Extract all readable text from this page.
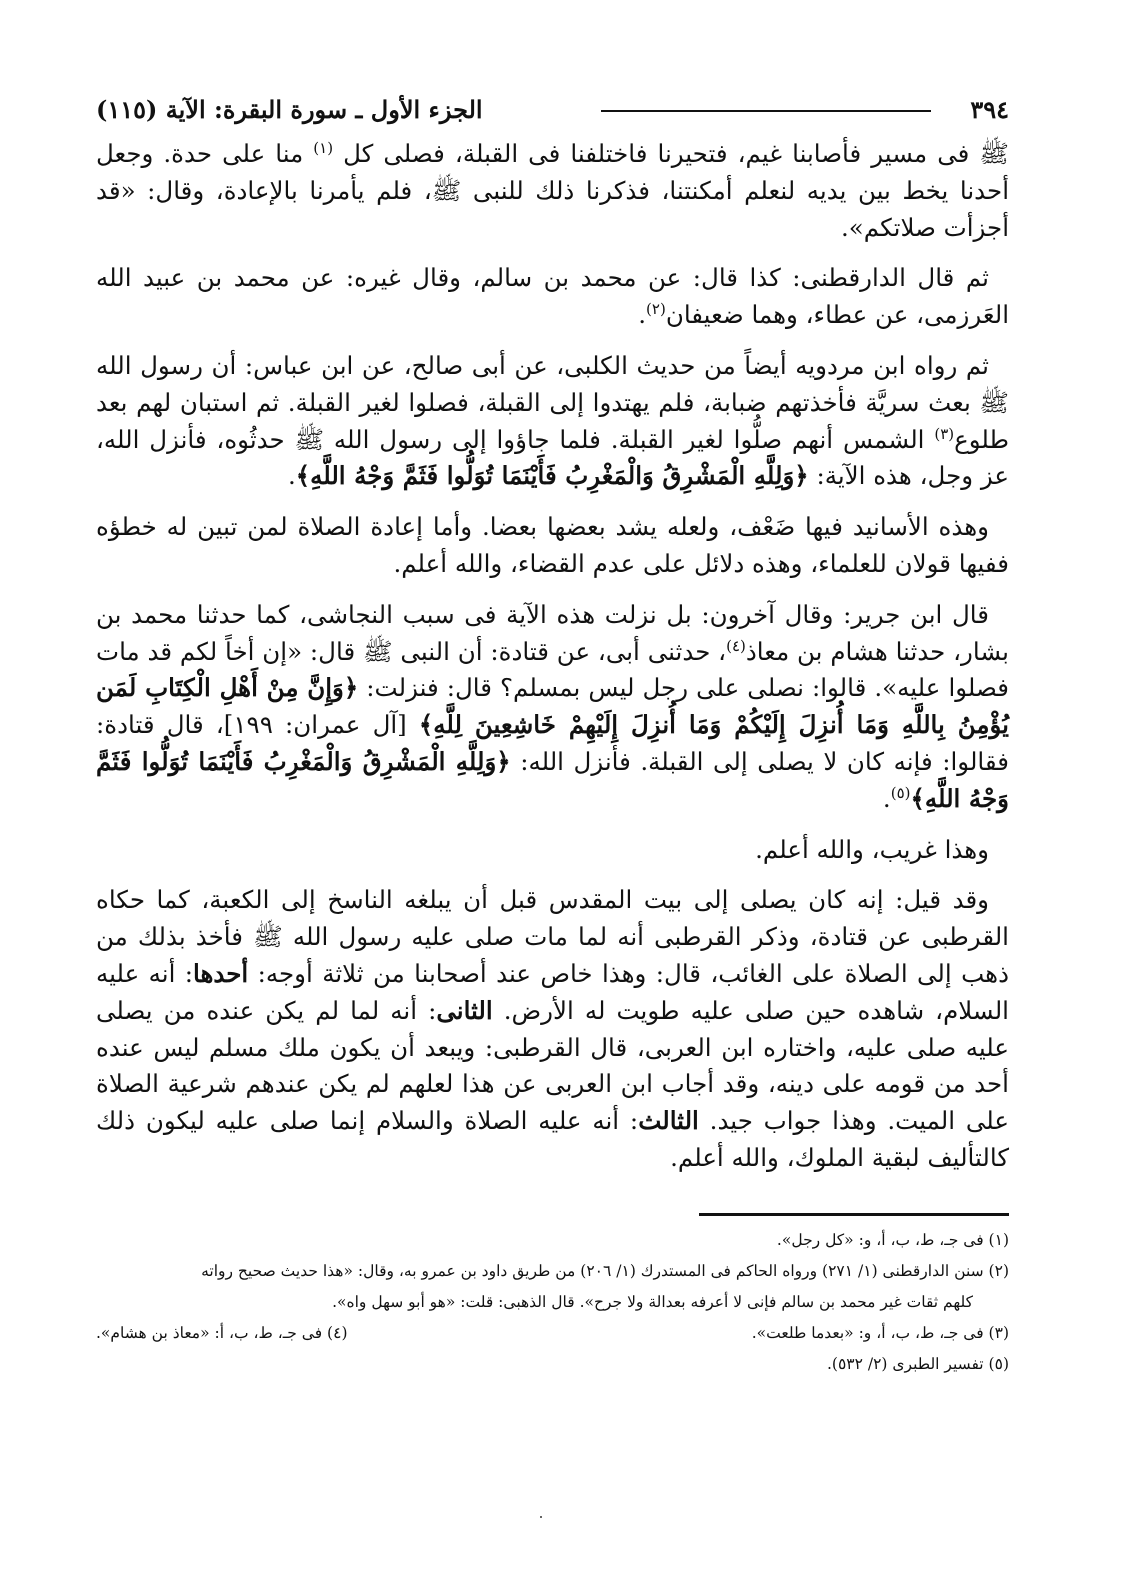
٣٩٤
الجزء الأول ـ سورة البقرة: الآية (١١٥)

ﷺ فى مسير فأصابنا غيم، فتحيرنا فاختلفنا فى القبلة، فصلى كل $^{(١)}$ منا على حدة. وجعل أحدنا يخط بين يديه لنعلم أمكنتنا، فذكرنا ذلك للنبى ﷺ، فلم يأمرنا بالإعادة، وقال: «قد أجزأت صلاتكم».

ثم قال الدارقطنى: كذا قال: عن محمد بن سالم، وقال غيره: عن محمد بن عبيد الله العَرزمى، عن عطاء، وهما ضعيفان$^{(٢)}$.

ثم رواه ابن مردويه أيضاً من حديث الكلبى، عن أبى صالح، عن ابن عباس: أن رسول الله ﷺ بعث سريَّة فأخذتهم ضبابة، فلم يهتدوا إلى القبلة، فصلوا لغير القبلة. ثم استبان لهم بعد طلوع$^{(٣)}$ الشمس أنهم صلُّوا لغير القبلة. فلما جاؤوا إلى رسول الله ﷺ حدثُوه، فأنزل الله، عز وجل، هذه الآية: ﴿وَلِلَّهِ الْمَشْرِقُ وَالْمَغْرِبُ فَأَيْنَمَا تُوَلُّوا فَثَمَّ وَجْهُ اللَّهِ﴾.

وهذه الأسانيد فيها ضَعْف، ولعله يشد بعضها بعضا. وأما إعادة الصلاة لمن تبين له خطؤه ففيها قولان للعلماء، وهذه دلائل على عدم القضاء، والله أعلم.

قال ابن جرير: وقال آخرون: بل نزلت هذه الآية فى سبب النجاشى، كما حدثنا محمد بن بشار، حدثنا هشام بن معاذ$^{(٤)}$، حدثنى أبى، عن قتادة: أن النبى ﷺ قال: «إن أخاً لكم قد مات فصلوا عليه». قالوا: نصلى على رجل ليس بمسلم؟ قال: فنزلت: ﴿وَإِنَّ مِنْ أَهْلِ الْكِتَابِ لَمَن يُؤْمِنُ بِاللَّهِ وَمَا أُنزِلَ إِلَيْكُمْ وَمَا أُنزِلَ إِلَيْهِمْ خَاشِعِينَ لِلَّهِ﴾ [آل عمران: ١٩٩]، قال قتادة: فقالوا: فإنه كان لا يصلى إلى القبلة. فأنزل الله: ﴿وَلِلَّهِ الْمَشْرِقُ وَالْمَغْرِبُ فَأَيْنَمَا تُوَلُّوا فَثَمَّ وَجْهُ اللَّهِ﴾$^{(٥)}$.

وهذا غريب، والله أعلم.

وقد قيل: إنه كان يصلى إلى بيت المقدس قبل أن يبلغه الناسخ إلى الكعبة، كما حكاه القرطبى عن قتادة، وذكر القرطبى أنه لما مات صلى عليه رسول الله ﷺ فأخذ بذلك من ذهب إلى الصلاة على الغائب، قال: وهذا خاص عند أصحابنا من ثلاثة أوجه: أحدها: أنه عليه السلام، شاهده حين صلى عليه طويت له الأرض. الثانى: أنه لما لم يكن عنده من يصلى عليه صلى عليه، واختاره ابن العربى، قال القرطبى: ويبعد أن يكون ملك مسلم ليس عنده أحد من قومه على دينه، وقد أجاب ابن العربى عن هذا لعلهم لم يكن عندهم شرعية الصلاة على الميت. وهذا جواب جيد. الثالث: أنه عليه الصلاة والسلام إنما صلى عليه ليكون ذلك كالتأليف لبقية الملوك، والله أعلم.

(١) فى جـ، ط، ب، أ، و: «كل رجل».
(٢) سنن الدارقطنى (١/ ٢٧١) ورواه الحاكم فى المستدرك (١/ ٢٠٦) من طريق داود بن عمرو به، وقال: «هذا حديث صحيح رواته
كلهم ثقات غير محمد بن سالم فإنى لا أعرفه بعدالة ولا جرح». قال الذهبى: قلت: «هو أبو سهل واه».
(٣) فى جـ، ط، ب، أ، و: «بعدما طلعت».
(٤) فى جـ، ط، ب، أ: «معاذ بن هشام».
(٥) تفسير الطبرى (٢/ ٥٣٢).
